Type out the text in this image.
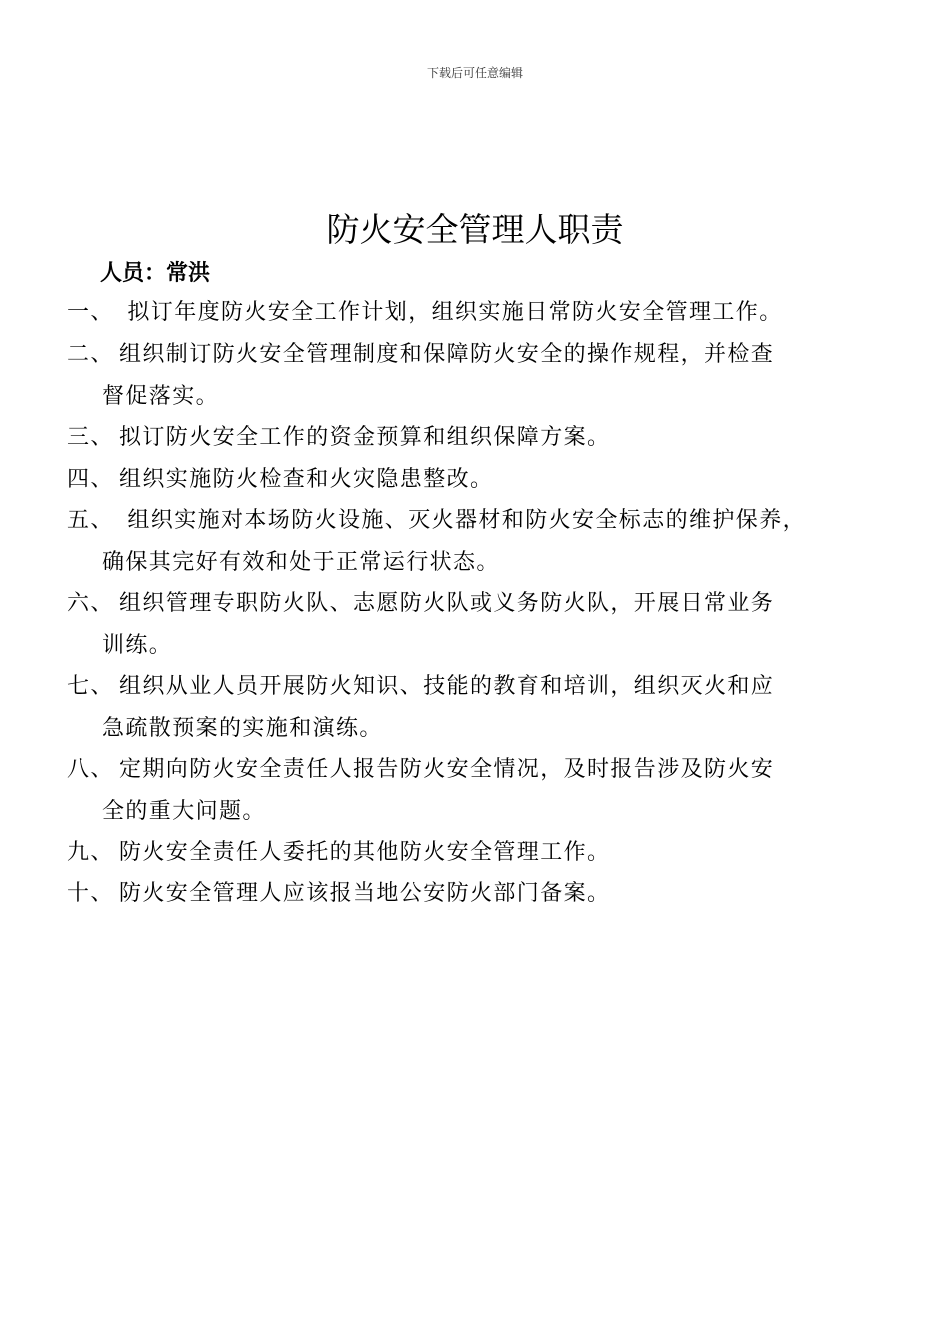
下载后可任意编辑
防火安全管理人职责
人员：常洪
一、 拟订年度防火安全工作计划，组织实施日常防火安全管理工作。
二、 组织制订防火安全管理制度和保障防火安全的操作规程，并检查
督促落实。
三、 拟订防火安全工作的资金预算和组织保障方案。
四、 组织实施防火检查和火灾隐患整改。
五、 组织实施对本场防火设施、灭火器材和防火安全标志的维护保养，
确保其完好有效和处于正常运行状态。
六、 组织管理专职防火队、志愿防火队或义务防火队，开展日常业务
训练。
七、 组织从业人员开展防火知识、技能的教育和培训，组织灭火和应
急疏散预案的实施和演练。
八、 定期向防火安全责任人报告防火安全情况，及时报告涉及防火安
全的重大问题。
九、 防火安全责任人委托的其他防火安全管理工作。
十、 防火安全管理人应该报当地公安防火部门备案。
